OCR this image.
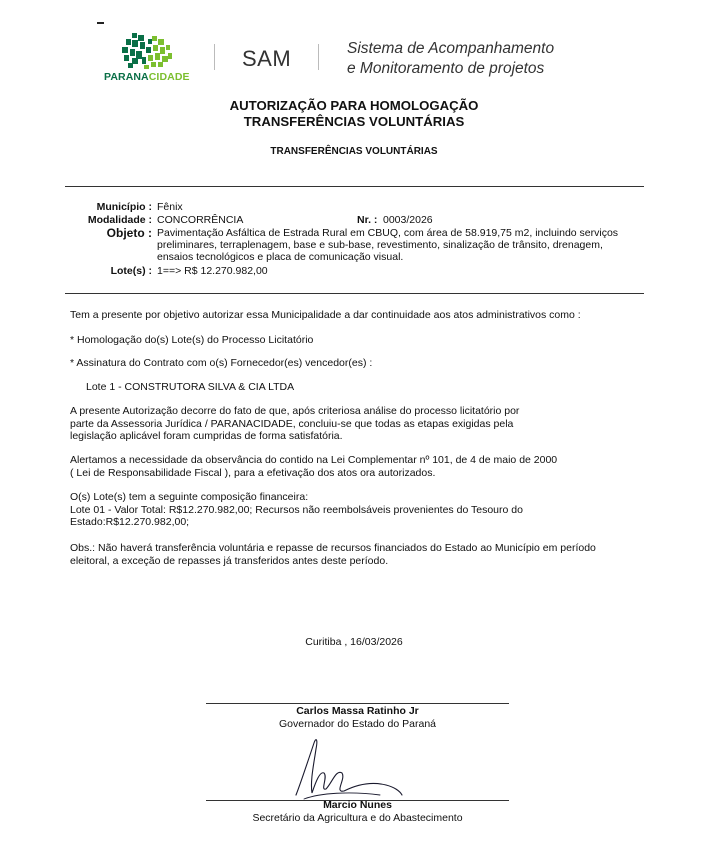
PARANACIDADE
SAM	Sistema de Acompanhamento
e Monitoramento de projetos
AUTORIZAÇÃO PARA HOMOLOGAÇÃO
TRANSFERÊNCIAS VOLUNTÁRIAS
TRANSFERÊNCIAS VOLUNTÁRIAS
Município : Fênix
Modalidade : CONCORRÊNCIA	Nr. : 0003/2026
Objeto : Pavimentação Asfáltica de Estrada Rural em CBUQ, com área de 58.919,75 m2, incluindo serviços preliminares, terraplenagem, base e sub-base, revestimento, sinalização de trânsito, drenagem, ensaios tecnológicos e placa de comunicação visual.
Lote(s) : 1==> R$ 12.270.982,00
Tem a presente por objetivo autorizar essa Municipalidade a dar continuidade aos atos administrativos como :
* Homologação do(s) Lote(s) do Processo Licitatório
* Assinatura do Contrato com o(s) Fornecedor(es) vencedor(es) :
Lote 1 - CONSTRUTORA SILVA & CIA LTDA
A presente Autorização decorre do fato de que, após criteriosa análise do processo licitatório por
parte da Assessoria Jurídica / PARANACIDADE, concluiu-se que todas as etapas exigidas pela
legislação aplicável foram cumpridas de forma satisfatória.
Alertamos a necessidade da observância do contido na Lei Complementar nº 101, de 4 de maio de 2000
( Lei de Responsabilidade Fiscal ), para a efetivação dos atos ora autorizados.
O(s) Lote(s) tem a seguinte composição financeira:
Lote 01 - Valor Total: R$12.270.982,00; Recursos não reembolsáveis provenientes do Tesouro do
Estado:R$12.270.982,00;
Obs.: Não haverá transferência voluntária e repasse de recursos financiados do Estado ao Município em período
eleitoral, a exceção de repasses já transferidos antes deste período.
Curitiba , 16/03/2026
Carlos Massa Ratinho Jr
Governador do Estado do Paraná
Marcio Nunes
Secretário da Agricultura e do Abastecimento
